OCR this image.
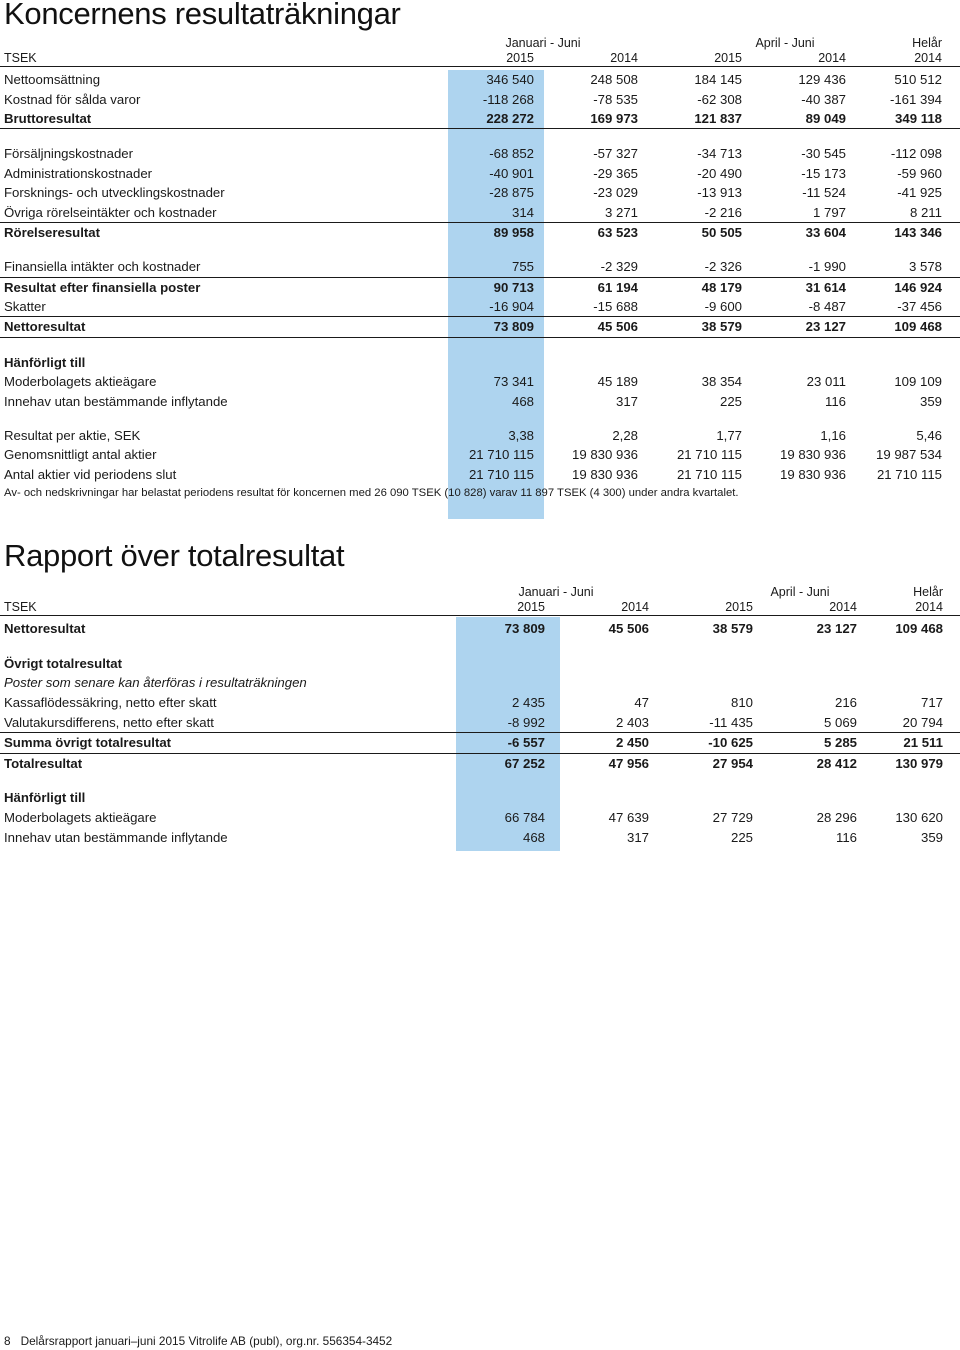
Koncernens resultaträkningar
Januari - Juni	April - Juni	Helår
TSEK	2015	2014	2015	2014	2014
Nettoomsättning	346 540	248 508	184 145	129 436	510 512
Kostnad för sålda varor	-118 268	-78 535	-62 308	-40 387	-161 394
Bruttoresultat	228 272	169 973	121 837	89 049	349 118
Försäljningskostnader	-68 852	-57 327	-34 713	-30 545	-112 098
Administrationskostnader	-40 901	-29 365	-20 490	-15 173	-59 960
Forsknings- och utvecklingskostnader	-28 875	-23 029	-13 913	-11 524	-41 925
Övriga rörelseintäkter och kostnader	314	3 271	-2 216	1 797	8 211
Rörelseresultat	89 958	63 523	50 505	33 604	143 346
Finansiella intäkter och kostnader	755	-2 329	-2 326	-1 990	3 578
Resultat efter finansiella poster	90 713	61 194	48 179	31 614	146 924
Skatter	-16 904	-15 688	-9 600	-8 487	-37 456
Nettoresultat	73 809	45 506	38 579	23 127	109 468
Hänförligt till
Moderbolagets aktieägare	73 341	45 189	38 354	23 011	109 109
Innehav utan bestämmande inflytande	468	317	225	116	359
Resultat per aktie, SEK	3,38	2,28	1,77	1,16	5,46
Genomsnittligt antal aktier	21 710 115	19 830 936	21 710 115	19 830 936	19 987 534
Antal aktier vid periodens slut	21 710 115	19 830 936	21 710 115	19 830 936	21 710 115
Av- och nedskrivningar har belastat periodens resultat för koncernen med 26 090 TSEK (10 828) varav 11 897 TSEK (4 300) under andra kvartalet.
Rapport över totalresultat
Januari - Juni	April - Juni	Helår
TSEK	2015	2014	2015	2014	2014
Nettoresultat	73 809	45 506	38 579	23 127	109 468
Övrigt totalresultat
Poster som senare kan återföras i resultaträkningen
Kassaflödessäkring, netto efter skatt	2 435	47	810	216	717
Valutakursdifferens, netto efter skatt	-8 992	2 403	-11 435	5 069	20 794
Summa övrigt totalresultat	-6 557	2 450	-10 625	5 285	21 511
Totalresultat	67 252	47 956	27 954	28 412	130 979
Hänförligt till
Moderbolagets aktieägare	66 784	47 639	27 729	28 296	130 620
Innehav utan bestämmande inflytande	468	317	225	116	359
8 Delårsrapport januari–juni 2015 Vitrolife AB (publ), org.nr. 556354-3452
